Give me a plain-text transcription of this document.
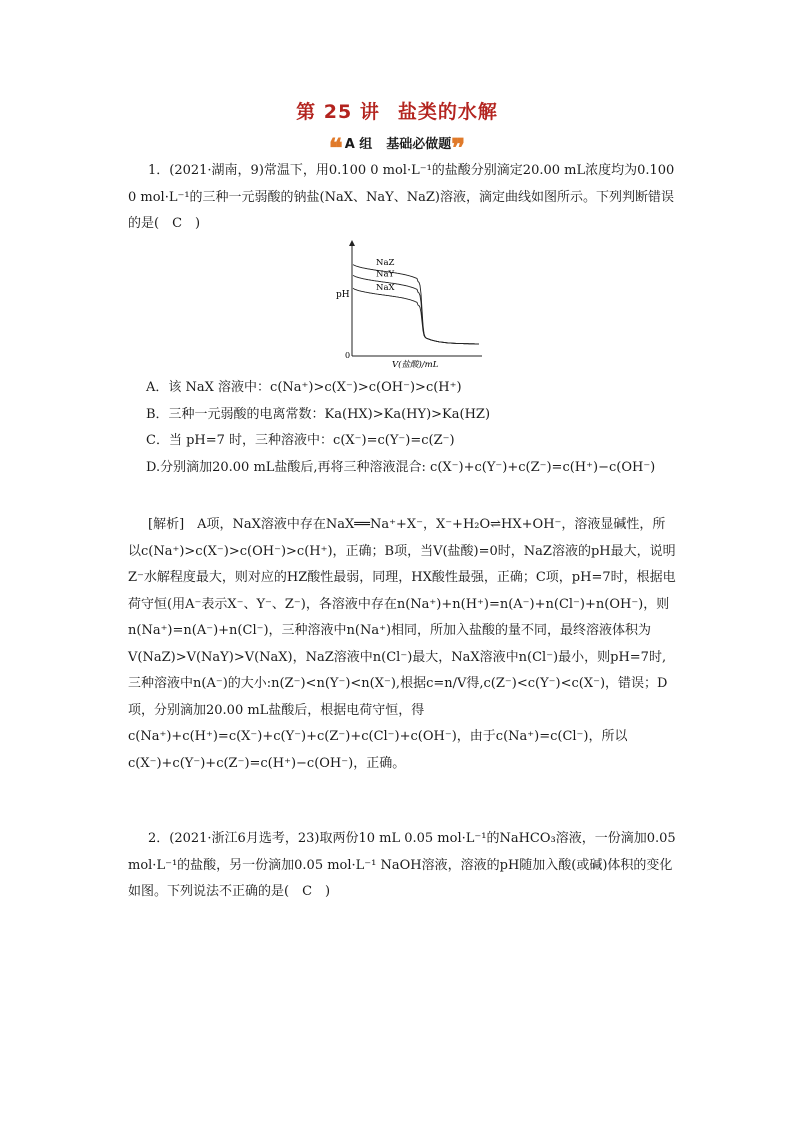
第 25 讲 盐类的水解
❝ A 组 基础必做题❞
1．(2021·湖南，9)常温下，用0.100 0 mol·L⁻¹的盐酸分别滴定20.00 mL浓度均为0.100 0 mol·L⁻¹的三种一元弱酸的钠盐(NaX、NaY、NaZ)溶液，滴定曲线如图所示。下列判断错误的是(　C　)
pH
0
V(盐酸)/mL
NaZ
NaY
NaX
A．该 NaX 溶液中：c(Na⁺)>c(X⁻)>c(OH⁻)>c(H⁺)
B．三种一元弱酸的电离常数：Ka(HX)>Ka(HY)>Ka(HZ)
C．当 pH=7 时，三种溶液中：c(X⁻)=c(Y⁻)=c(Z⁻)
D.分别滴加20.00 mL盐酸后,再将三种溶液混合: c(X⁻)+c(Y⁻)+c(Z⁻)=c(H⁺)−c(OH⁻)
[解析]　A项，NaX溶液中存在NaX══Na⁺+X⁻，X⁻+H₂O⇌HX+OH⁻，溶液显碱性，所以c(Na⁺)>c(X⁻)>c(OH⁻)>c(H⁺)，正确；B项，当V(盐酸)=0时，NaZ溶液的pH最大，说明Z⁻水解程度最大，则对应的HZ酸性最弱，同理，HX酸性最强，正确；C项，pH=7时，根据电荷守恒(用A⁻表示X⁻、Y⁻、Z⁻)，各溶液中存在n(Na⁺)+n(H⁺)=n(A⁻)+n(Cl⁻)+n(OH⁻)，则n(Na⁺)=n(A⁻)+n(Cl⁻)，三种溶液中n(Na⁺)相同，所加入盐酸的量不同，最终溶液体积为V(NaZ)>V(NaY)>V(NaX)，NaZ溶液中n(Cl⁻)最大，NaX溶液中n(Cl⁻)最小，则pH=7时,三种溶液中n(A⁻)的大小:n(Z⁻)<n(Y⁻)<n(X⁻),根据c=n/V得,c(Z⁻)<c(Y⁻)<c(X⁻)，错误；D项，分别滴加20.00 mL盐酸后，根据电荷守恒，得c(Na⁺)+c(H⁺)=c(X⁻)+c(Y⁻)+c(Z⁻)+c(Cl⁻)+c(OH⁻)，由于c(Na⁺)=c(Cl⁻)，所以c(X⁻)+c(Y⁻)+c(Z⁻)=c(H⁺)−c(OH⁻)，正确。
2．(2021·浙江6月选考，23)取两份10 mL 0.05 mol·L⁻¹的NaHCO₃溶液，一份滴加0.05 mol·L⁻¹的盐酸，另一份滴加0.05 mol·L⁻¹ NaOH溶液，溶液的pH随加入酸(或碱)体积的变化如图。下列说法不正确的是(　C　)
